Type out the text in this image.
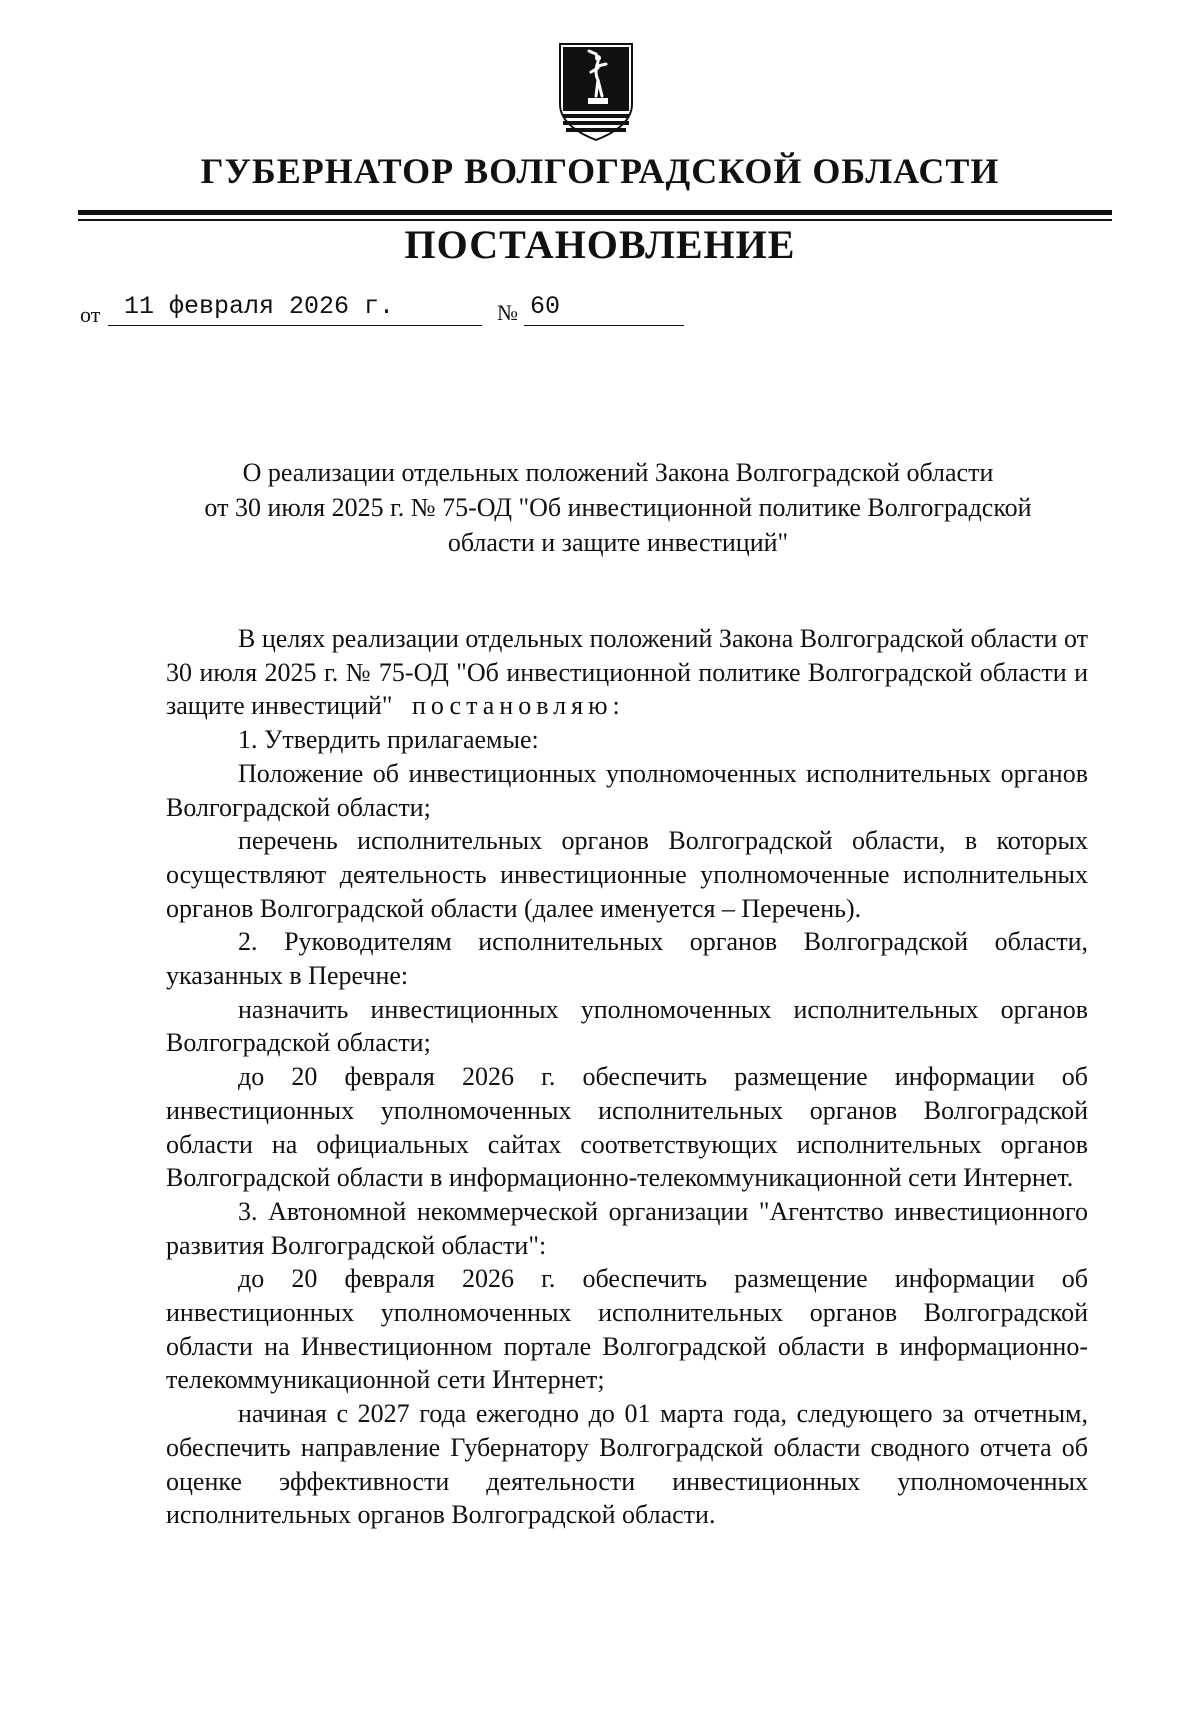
ГУБЕРНАТОР ВОЛГОГРАДСКОЙ ОБЛАСТИ
ПОСТАНОВЛЕНИЕ
от 11 февраля 2026 г.	№ 60
О реализации отдельных положений Закона Волгоградской области
от 30 июля 2025 г. № 75-ОД "Об инвестиционной политике Волгоградской
области и защите инвестиций"

В целях реализации отдельных положений Закона Волгоградской области от 30 июля 2025 г. № 75-ОД "Об инвестиционной политике Волгоградской области и защите инвестиций" постановляю:

1. Утвердить прилагаемые:

Положение об инвестиционных уполномоченных исполнительных органов Волгоградской области;

перечень исполнительных органов Волгоградской области, в которых осуществляют деятельность инвестиционные уполномоченные исполнительных органов Волгоградской области (далее именуется – Перечень).

2. Руководителям исполнительных органов Волгоградской области, указанных в Перечне:

назначить инвестиционных уполномоченных исполнительных органов Волгоградской области;

до 20 февраля 2026 г. обеспечить размещение информации об инвестиционных уполномоченных исполнительных органов Волгоградской области на официальных сайтах соответствующих исполнительных органов Волгоградской области в информационно-телекоммуникационной сети Интернет.

3. Автономной некоммерческой организации "Агентство инвестиционного развития Волгоградской области":

до 20 февраля 2026 г. обеспечить размещение информации об инвестиционных уполномоченных исполнительных органов Волгоградской области на Инвестиционном портале Волгоградской области в информационно-телекоммуникационной сети Интернет;

начиная с 2027 года ежегодно до 01 марта года, следующего за отчетным, обеспечить направление Губернатору Волгоградской области сводного отчета об оценке эффективности деятельности инвестиционных уполномоченных исполнительных органов Волгоградской области.
